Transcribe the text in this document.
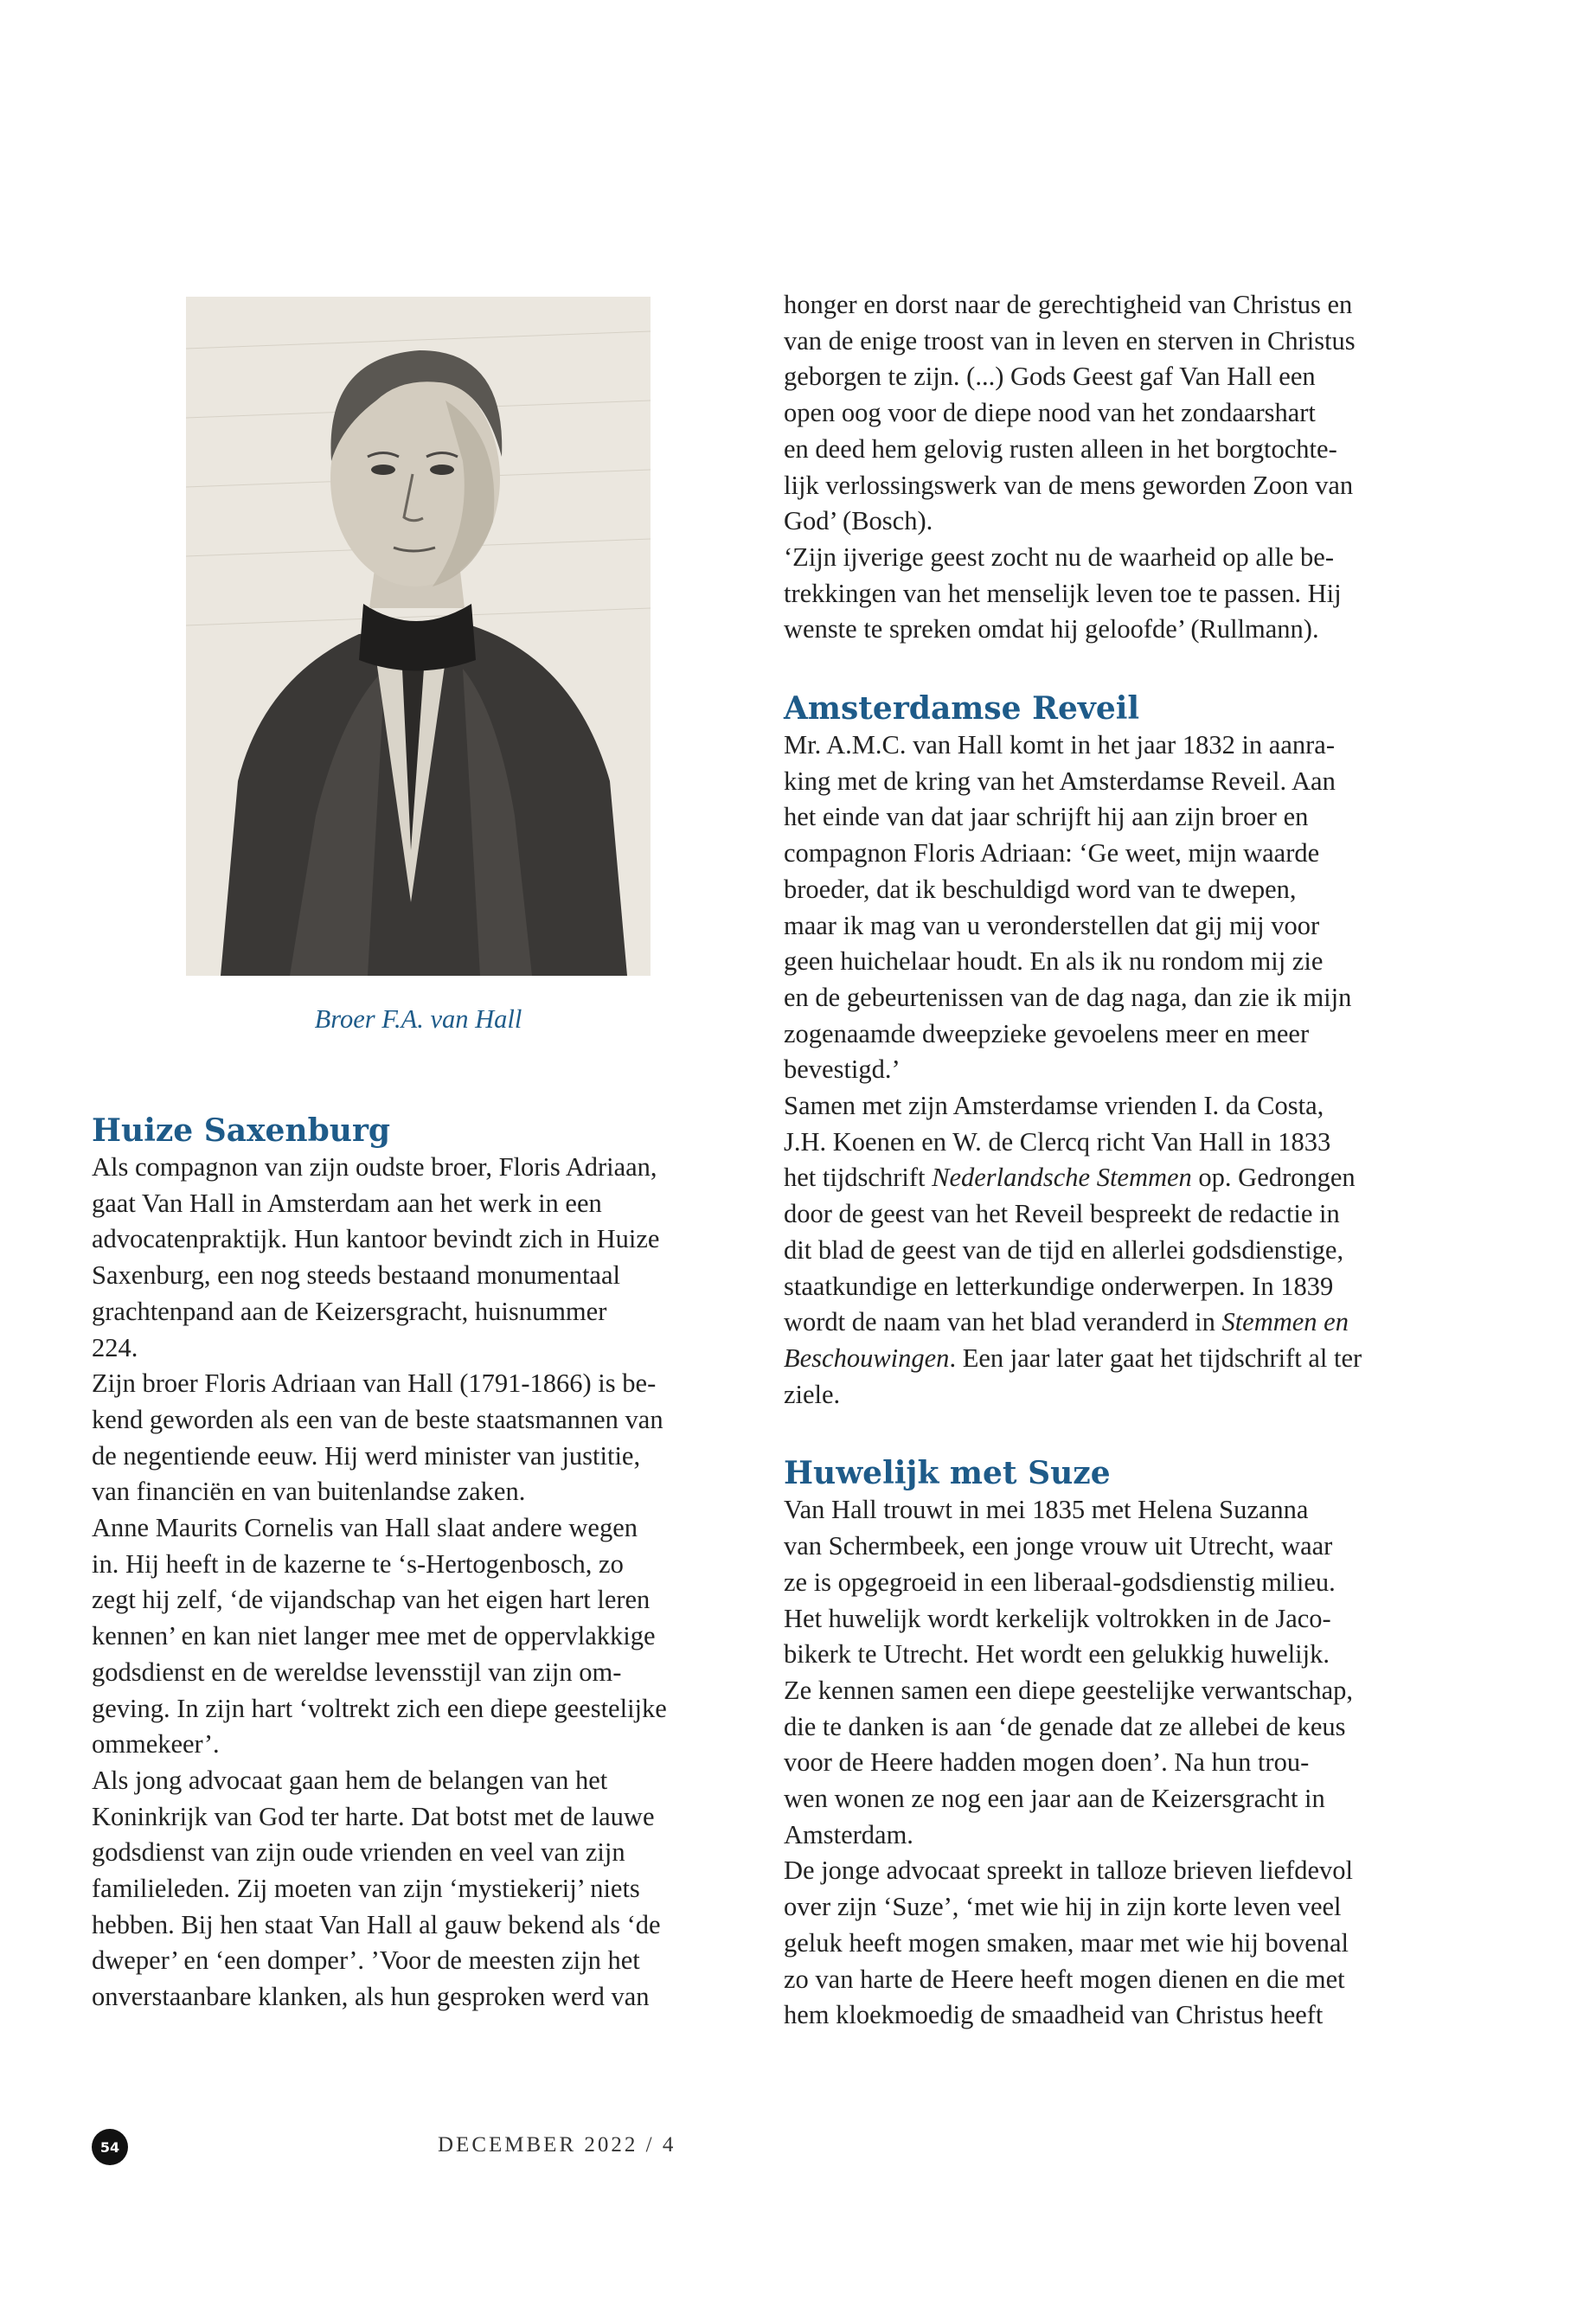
Broer F.A. van Hall
Huize Saxenburg

Als compagnon van zijn oudste broer, Floris Adriaan,
gaat Van Hall in Amsterdam aan het werk in een
advocatenpraktijk. Hun kantoor bevindt zich in Huize
Saxenburg, een nog steeds bestaand monumentaal
grachtenpand aan de Keizersgracht, huisnummer
224.

Zijn broer Floris Adriaan van Hall (1791-1866) is be-
kend geworden als een van de beste staatsmannen van
de negentiende eeuw. Hij werd minister van justitie,
van financiën en van buitenlandse zaken.

Anne Maurits Cornelis van Hall slaat andere wegen
in. Hij heeft in de kazerne te ‘s-Hertogenbosch, zo
zegt hij zelf, ‘de vijandschap van het eigen hart leren
kennen’ en kan niet langer mee met de oppervlakkige
godsdienst en de wereldse levensstijl van zijn om-
geving. In zijn hart ‘voltrekt zich een diepe geestelijke
ommekeer’.

Als jong advocaat gaan hem de belangen van het
Koninkrijk van God ter harte. Dat botst met de lauwe
godsdienst van zijn oude vrienden en veel van zijn
familieleden. Zij moeten van zijn ‘mystiekerij’ niets
hebben. Bij hen staat Van Hall al gauw bekend als ‘de
dweper’ en ‘een domper’. ’Voor de meesten zijn het
onverstaanbare klanken, als hun gesproken werd van

honger en dorst naar de gerechtigheid van Christus en
van de enige troost van in leven en sterven in Christus
geborgen te zijn. (...) Gods Geest gaf Van Hall een
open oog voor de diepe nood van het zondaarshart
en deed hem gelovig rusten alleen in het borgtochte-
lijk verlossingswerk van de mens geworden Zoon van
God’ (Bosch).

‘Zijn ijverige geest zocht nu de waarheid op alle be-
trekkingen van het menselijk leven toe te passen. Hij
wenste te spreken omdat hij geloofde’ (Rullmann).

Amsterdamse Reveil

Mr. A.M.C. van Hall komt in het jaar 1832 in aanra-
king met de kring van het Amsterdamse Reveil. Aan
het einde van dat jaar schrijft hij aan zijn broer en
compagnon Floris Adriaan: ‘Ge weet, mijn waarde
broeder, dat ik beschuldigd word van te dwepen,
maar ik mag van u veronderstellen dat gij mij voor
geen huichelaar houdt. En als ik nu rondom mij zie
en de gebeurtenissen van de dag naga, dan zie ik mijn
zogenaamde dweepzieke gevoelens meer en meer
bevestigd.’

Samen met zijn Amsterdamse vrienden I. da Costa,
J.H. Koenen en W. de Clercq richt Van Hall in 1833
het tijdschrift Nederlandsche Stemmen op. Gedrongen
door de geest van het Reveil bespreekt de redactie in
dit blad de geest van de tijd en allerlei godsdienstige,
staatkundige en letterkundige onderwerpen. In 1839
wordt de naam van het blad veranderd in Stemmen en
Beschouwingen. Een jaar later gaat het tijdschrift al ter
ziele.

Huwelijk met Suze

Van Hall trouwt in mei 1835 met Helena Suzanna
van Schermbeek, een jonge vrouw uit Utrecht, waar
ze is opgegroeid in een liberaal-godsdienstig milieu.
Het huwelijk wordt kerkelijk voltrokken in de Jaco-
bikerk te Utrecht. Het wordt een gelukkig huwelijk.
Ze kennen samen een diepe geestelijke verwantschap,
die te danken is aan ‘de genade dat ze allebei de keus
voor de Heere hadden mogen doen’. Na hun trou-
wen wonen ze nog een jaar aan de Keizersgracht in
Amsterdam.

De jonge advocaat spreekt in talloze brieven liefdevol
over zijn ‘Suze’, ‘met wie hij in zijn korte leven veel
geluk heeft mogen smaken, maar met wie hij bovenal
zo van harte de Heere heeft mogen dienen en die met
hem kloekmoedig de smaadheid van Christus heeft

54	DECEMBER 2022 / 4
